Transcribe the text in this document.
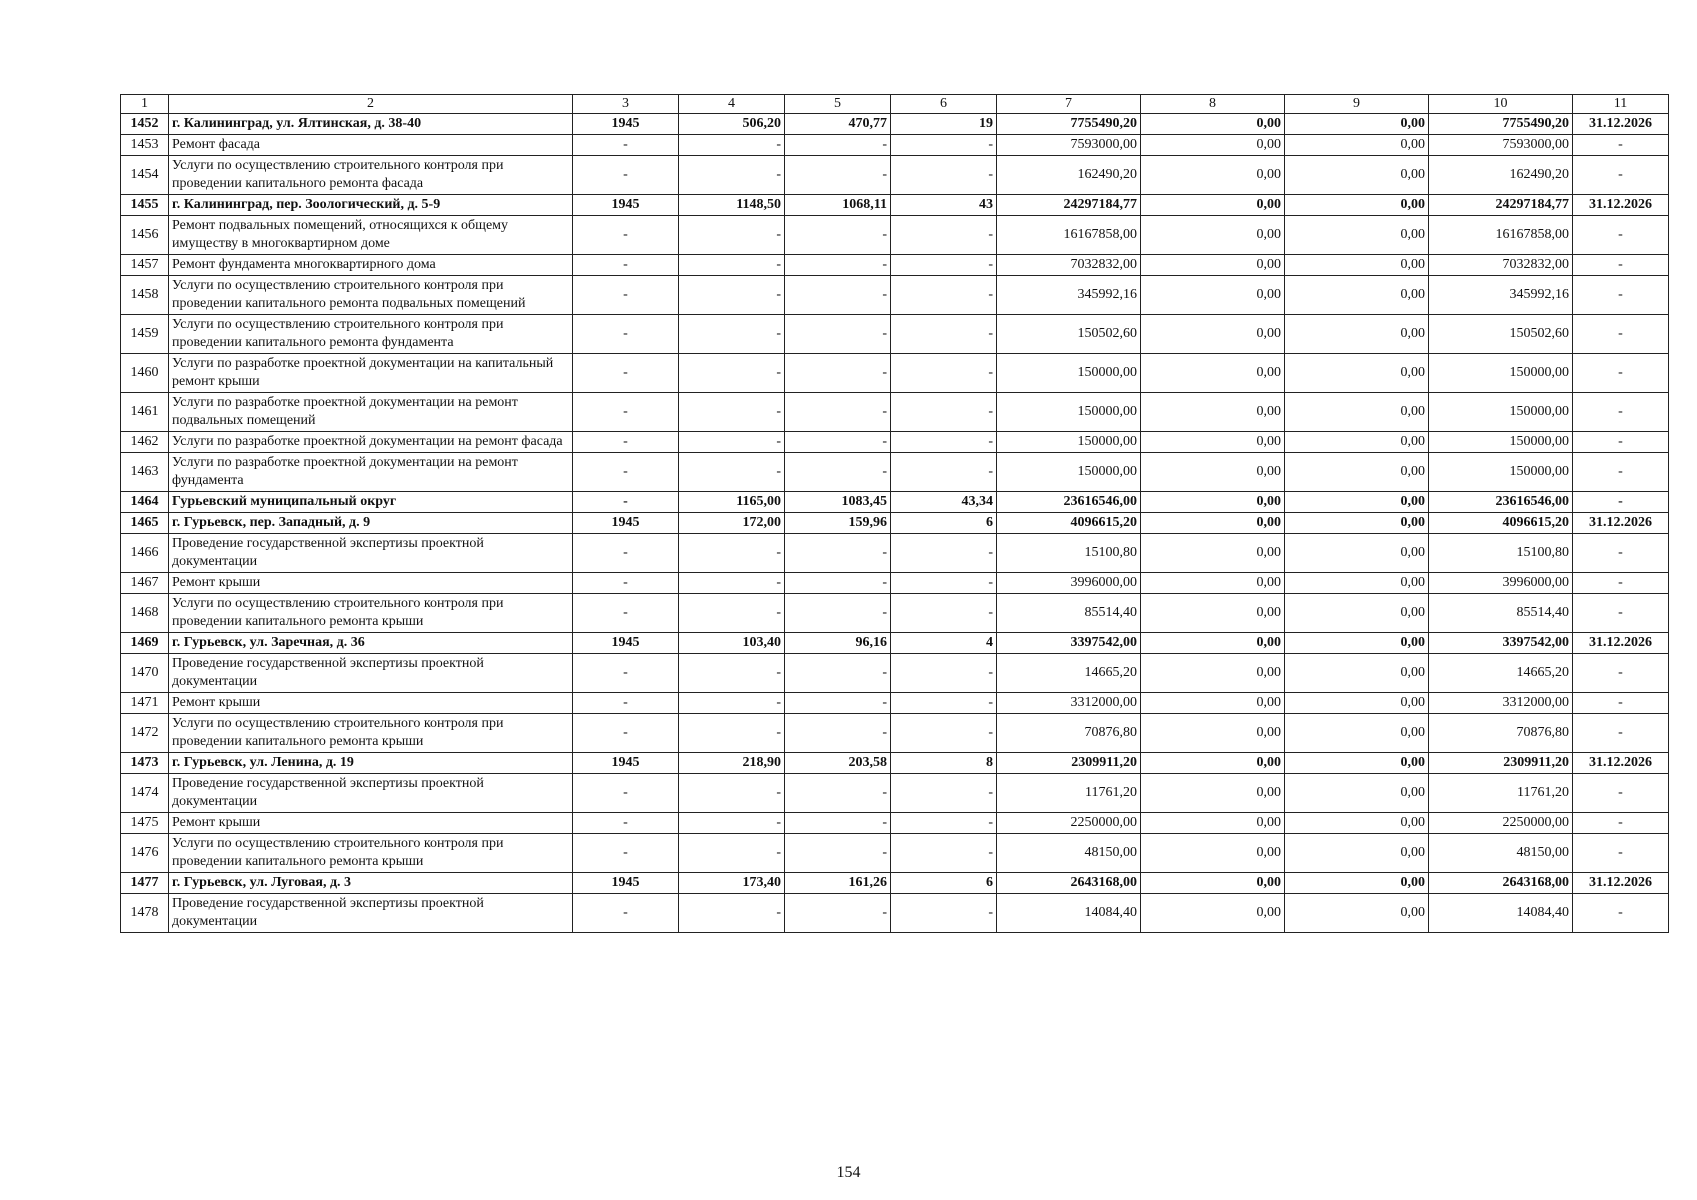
1	2	3	4	5	6	7	8	9	10	11
1452	г. Калининград, ул. Ялтинская, д. 38-40	1945	506,20	470,77	19	7755490,20	0,00	0,00	7755490,20	31.12.2026
1453	Ремонт фасада	-	-	-	-	7593000,00	0,00	0,00	7593000,00	-
1454	Услуги по осуществлению строительного контроля при проведении капитального ремонта фасада	-	-	-	-	162490,20	0,00	0,00	162490,20	-
1455	г. Калининград, пер. Зоологический, д. 5-9	1945	1148,50	1068,11	43	24297184,77	0,00	0,00	24297184,77	31.12.2026
1456	Ремонт подвальных помещений, относящихся к общему имуществу в многоквартирном доме	-	-	-	-	16167858,00	0,00	0,00	16167858,00	-
1457	Ремонт фундамента многоквартирного дома	-	-	-	-	7032832,00	0,00	0,00	7032832,00	-
1458	Услуги по осуществлению строительного контроля при проведении капитального ремонта подвальных помещений	-	-	-	-	345992,16	0,00	0,00	345992,16	-
1459	Услуги по осуществлению строительного контроля при проведении капитального ремонта фундамента	-	-	-	-	150502,60	0,00	0,00	150502,60	-
1460	Услуги по разработке проектной документации на капитальный ремонт крыши	-	-	-	-	150000,00	0,00	0,00	150000,00	-
1461	Услуги по разработке проектной документации на ремонт подвальных помещений	-	-	-	-	150000,00	0,00	0,00	150000,00	-
1462	Услуги по разработке проектной документации на ремонт фасада	-	-	-	-	150000,00	0,00	0,00	150000,00	-
1463	Услуги по разработке проектной документации на ремонт фундамента	-	-	-	-	150000,00	0,00	0,00	150000,00	-
1464	Гурьевский муниципальный округ	-	1165,00	1083,45	43,34	23616546,00	0,00	0,00	23616546,00	-
1465	г. Гурьевск, пер. Западный, д. 9	1945	172,00	159,96	6	4096615,20	0,00	0,00	4096615,20	31.12.2026
1466	Проведение государственной экспертизы проектной документации	-	-	-	-	15100,80	0,00	0,00	15100,80	-
1467	Ремонт крыши	-	-	-	-	3996000,00	0,00	0,00	3996000,00	-
1468	Услуги по осуществлению строительного контроля при проведении капитального ремонта крыши	-	-	-	-	85514,40	0,00	0,00	85514,40	-
1469	г. Гурьевск, ул. Заречная, д. 36	1945	103,40	96,16	4	3397542,00	0,00	0,00	3397542,00	31.12.2026
1470	Проведение государственной экспертизы проектной документации	-	-	-	-	14665,20	0,00	0,00	14665,20	-
1471	Ремонт крыши	-	-	-	-	3312000,00	0,00	0,00	3312000,00	-
1472	Услуги по осуществлению строительного контроля при проведении капитального ремонта крыши	-	-	-	-	70876,80	0,00	0,00	70876,80	-
1473	г. Гурьевск, ул. Ленина, д. 19	1945	218,90	203,58	8	2309911,20	0,00	0,00	2309911,20	31.12.2026
1474	Проведение государственной экспертизы проектной документации	-	-	-	-	11761,20	0,00	0,00	11761,20	-
1475	Ремонт крыши	-	-	-	-	2250000,00	0,00	0,00	2250000,00	-
1476	Услуги по осуществлению строительного контроля при проведении капитального ремонта крыши	-	-	-	-	48150,00	0,00	0,00	48150,00	-
1477	г. Гурьевск, ул. Луговая, д. 3	1945	173,40	161,26	6	2643168,00	0,00	0,00	2643168,00	31.12.2026
1478	Проведение государственной экспертизы проектной документации	-	-	-	-	14084,40	0,00	0,00	14084,40	-
154
